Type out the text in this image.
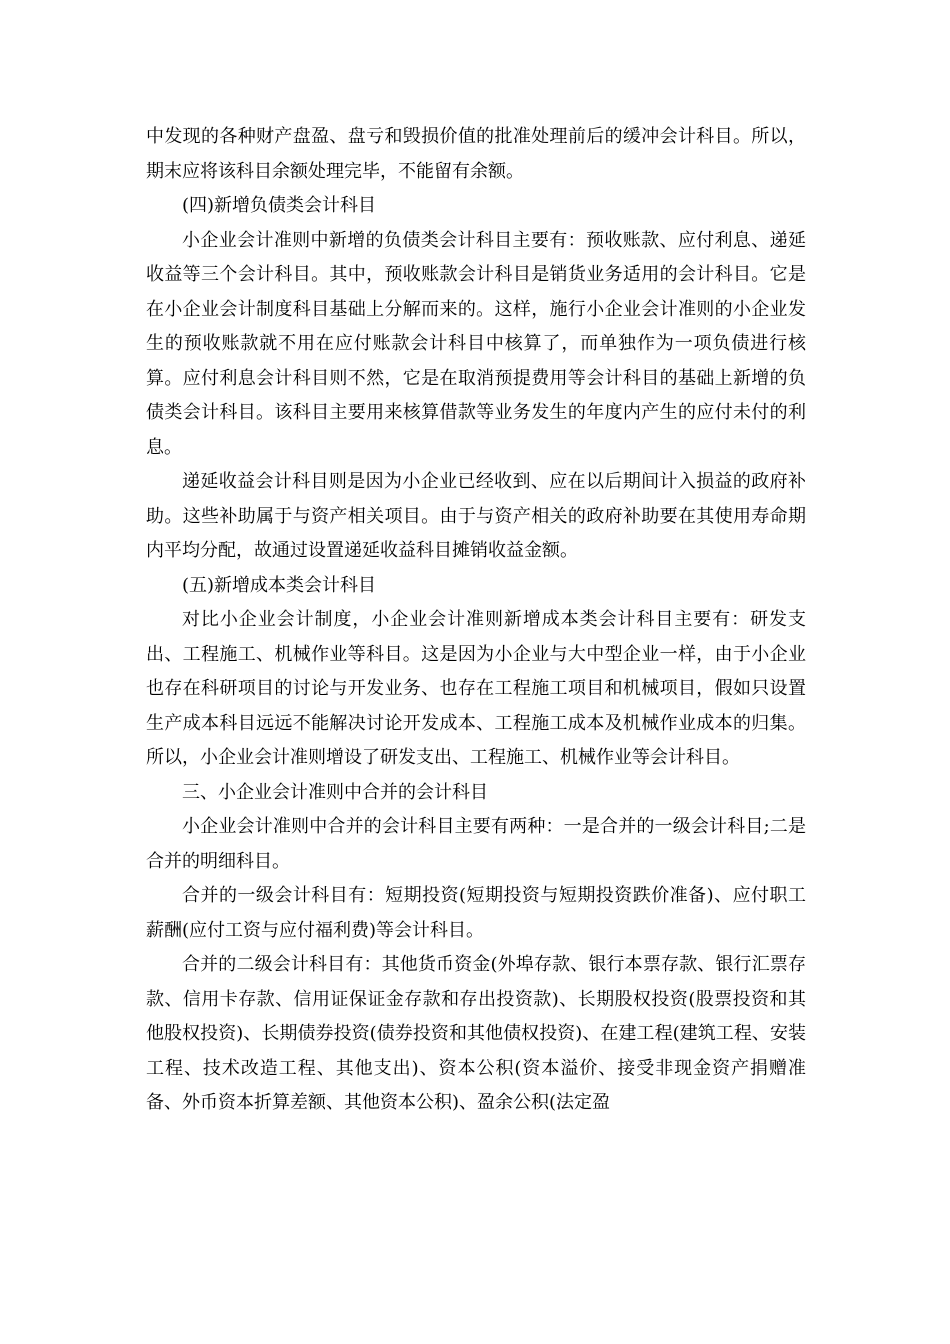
中发现的各种财产盘盈、盘亏和毁损价值的批准处理前后的缓冲会计科目。所以，期末应将该科目余额处理完毕，不能留有余额。

(四)新增负债类会计科目

小企业会计准则中新增的负债类会计科目主要有：预收账款、应付利息、递延收益等三个会计科目。其中，预收账款会计科目是销货业务适用的会计科目。它是在小企业会计制度科目基础上分解而来的。这样，施行小企业会计准则的小企业发生的预收账款就不用在应付账款会计科目中核算了，而单独作为一项负债进行核算。应付利息会计科目则不然，它是在取消预提费用等会计科目的基础上新增的负债类会计科目。该科目主要用来核算借款等业务发生的年度内产生的应付未付的利息。

递延收益会计科目则是因为小企业已经收到、应在以后期间计入损益的政府补助。这些补助属于与资产相关项目。由于与资产相关的政府补助要在其使用寿命期内平均分配，故通过设置递延收益科目摊销收益金额。

(五)新增成本类会计科目

对比小企业会计制度，小企业会计准则新增成本类会计科目主要有：研发支出、工程施工、机械作业等科目。这是因为小企业与大中型企业一样，由于小企业也存在科研项目的讨论与开发业务、也存在工程施工项目和机械项目，假如只设置生产成本科目远远不能解决讨论开发成本、工程施工成本及机械作业成本的归集。所以，小企业会计准则增设了研发支出、工程施工、机械作业等会计科目。

三、小企业会计准则中合并的会计科目

小企业会计准则中合并的会计科目主要有两种：一是合并的一级会计科目;二是合并的明细科目。

合并的一级会计科目有：短期投资(短期投资与短期投资跌价准备)、应付职工薪酬(应付工资与应付福利费)等会计科目。

合并的二级会计科目有：其他货币资金(外埠存款、银行本票存款、银行汇票存款、信用卡存款、信用证保证金存款和存出投资款)、长期股权投资(股票投资和其他股权投资)、长期债券投资(债券投资和其他债权投资)、在建工程(建筑工程、安装工程、技术改造工程、其他支出)、资本公积(资本溢价、接受非现金资产捐赠准备、外币资本折算差额、其他资本公积)、盈余公积(法定盈
